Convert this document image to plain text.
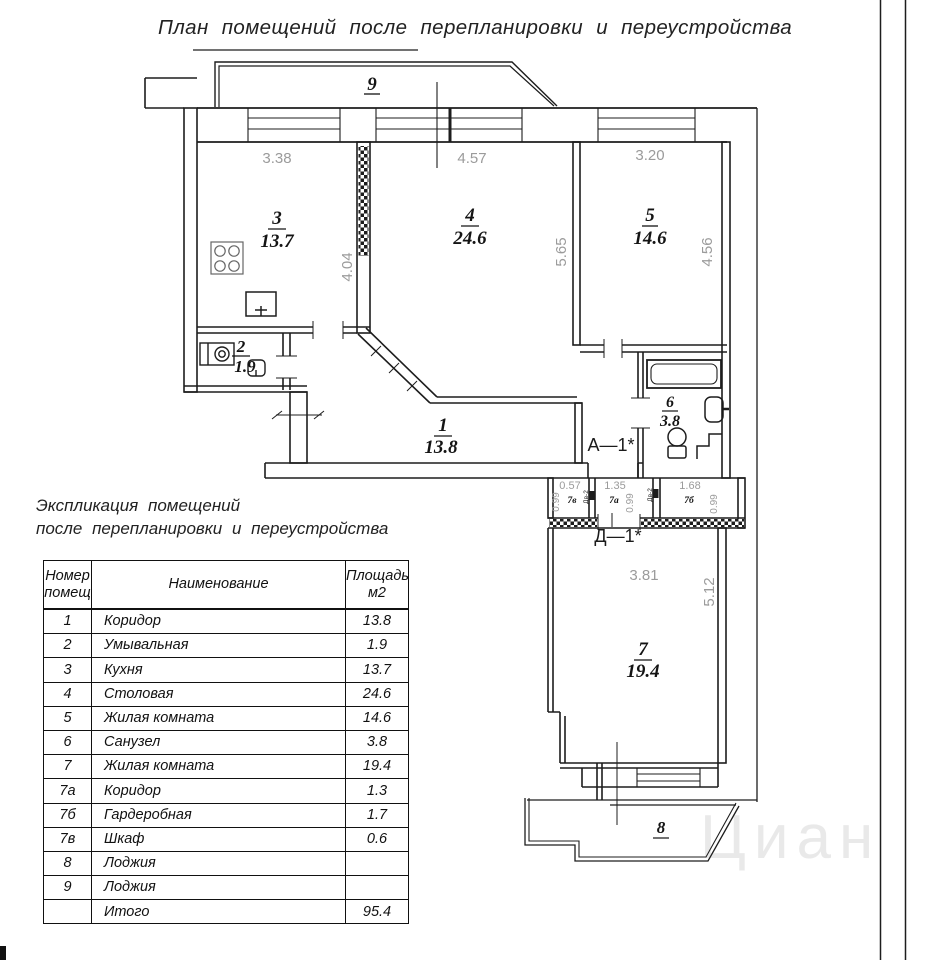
План помещений после перепланировки и переустройства
3.38	4.57	3.20
4.04
5.65	4.56
3.81
5.12
0.57 1.35	1.68
0.99	0.99	0.99
9
3
13.7
4
24.6
5
14.6
2
1.9
1
13.8
6
3.8
7
19.4
8
7в	7а	7б
А—1*
Д—1*
Дв-2	Дв-2
Циан
Экспликация помещений
после перепланировки и переустройства
Номер
помещ	Наименование	Площадь
м2
1	Коридор	13.8
2	Умывальная	1.9
3	Кухня	13.7
4	Столовая	24.6
5	Жилая комната	14.6
6	Санузел	3.8
7	Жилая комната	19.4
7а	Коридор	1.3
7б	Гардеробная	1.7
7в	Шкаф	0.6
8	Лоджия	
9	Лоджия	
	Итого	95.4
